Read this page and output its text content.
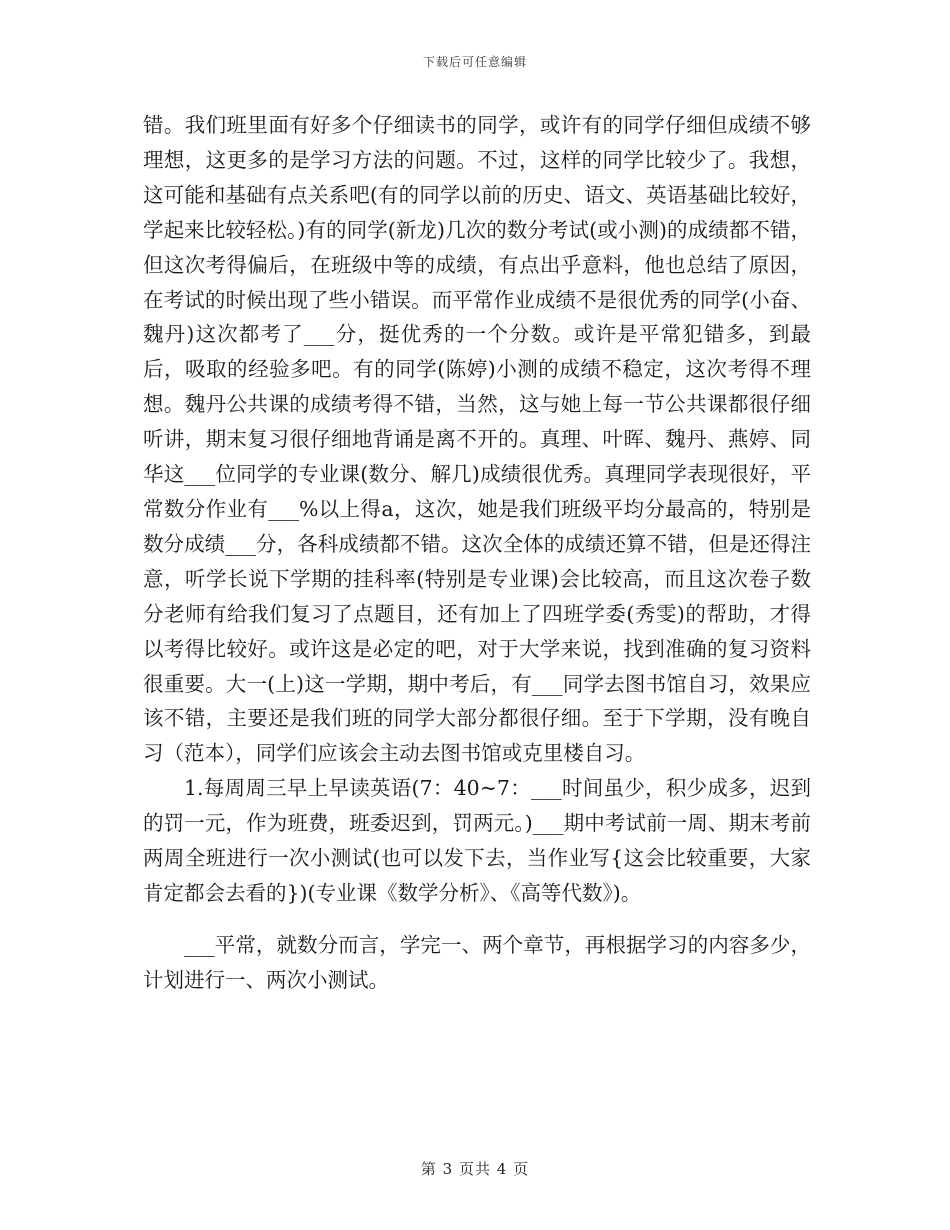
下载后可任意编辑

错。我们班里面有好多个仔细读书的同学，或许有的同学仔细但成绩不够理想，这更多的是学习方法的问题。不过，这样的同学比较少了。我想，这可能和基础有点关系吧(有的同学以前的历史、语文、英语基础比较好，学起来比较轻松。)有的同学(新龙)几次的数分考试(或小测)的成绩都不错，但这次考得偏后，在班级中等的成绩，有点出乎意料，他也总结了原因，在考试的时候出现了些小错误。而平常作业成绩不是很优秀的同学(小奋、魏丹)这次都考了___分，挺优秀的一个分数。或许是平常犯错多，到最后，吸取的经验多吧。有的同学(陈婷)小测的成绩不稳定，这次考得不理想。魏丹公共课的成绩考得不错，当然，这与她上每一节公共课都很仔细听讲，期末复习很仔细地背诵是离不开的。真理、叶晖、魏丹、燕婷、同华这___位同学的专业课(数分、解几)成绩很优秀。真理同学表现很好，平常数分作业有___%以上得a，这次，她是我们班级平均分最高的，特别是数分成绩___分，各科成绩都不错。这次全体的成绩还算不错，但是还得注意，听学长说下学期的挂科率(特别是专业课)会比较高，而且这次卷子数分老师有给我们复习了点题目，还有加上了四班学委(秀雯)的帮助，才得以考得比较好。或许这是必定的吧，对于大学来说，找到准确的复习资料很重要。大一(上)这一学期，期中考后，有___同学去图书馆自习，效果应该不错，主要还是我们班的同学大部分都很仔细。至于下学期，没有晚自习（范本），同学们应该会主动去图书馆或克里楼自习。

1.每周周三早上早读英语(7：40~7：___时间虽少，积少成多，迟到的罚一元，作为班费，班委迟到，罚两元。)___期中考试前一周、期末考前两周全班进行一次小测试(也可以发下去，当作业写{这会比较重要，大家肯定都会去看的})(专业课《数学分析》、《高等代数》)。

___平常，就数分而言，学完一、两个章节，再根据学习的内容多少，计划进行一、两次小测试。

第 3 页共 4 页
